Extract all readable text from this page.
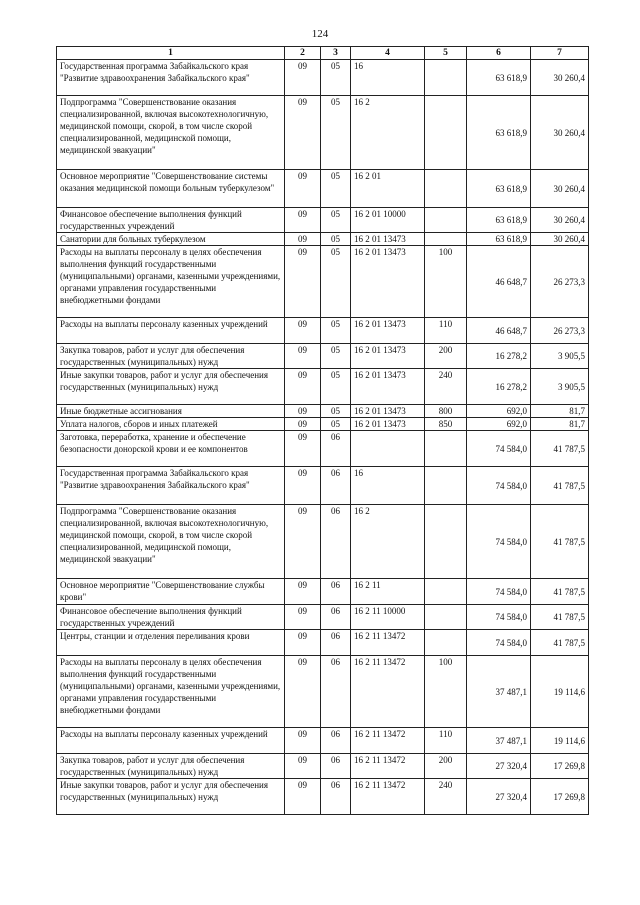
124
1	2	3	4	5	6	7
Государственная программа Забайкальского края "Развитие здравоохранения Забайкальского края"	09	05	16		63 618,9	30 260,4
Подпрограмма "Совершенствование оказания специализированной, включая высокотехнологичную, медицинской помощи, скорой, в том числе скорой специализированной, медицинской помощи, медицинской эвакуации"	09	05	16 2		63 618,9	30 260,4
Основное мероприятие "Совершенствование системы оказания медицинской помощи больным туберкулезом"	09	05	16 2 01		63 618,9	30 260,4
Финансовое обеспечение выполнения функций государственных учреждений	09	05	16 2 01 10000		63 618,9	30 260,4
Санатории для больных туберкулезом	09	05	16 2 01 13473		63 618,9	30 260,4
Расходы на выплаты персоналу в целях обеспечения выполнения функций государственными (муниципальными) органами, казенными учреждениями, органами управления государственными внебюджетными фондами	09	05	16 2 01 13473	100	46 648,7	26 273,3
Расходы на выплаты персоналу казенных учреждений	09	05	16 2 01 13473	110	46 648,7	26 273,3
Закупка товаров, работ и услуг для обеспечения государственных (муниципальных) нужд	09	05	16 2 01 13473	200	16 278,2	3 905,5
Иные закупки товаров, работ и услуг для обеспечения государственных (муниципальных) нужд	09	05	16 2 01 13473	240	16 278,2	3 905,5
Иные бюджетные ассигнования	09	05	16 2 01 13473	800	692,0	81,7
Уплата налогов, сборов и иных платежей	09	05	16 2 01 13473	850	692,0	81,7
Заготовка, переработка, хранение и обеспечение безопасности донорской крови и ее компонентов	09	06			74 584,0	41 787,5
Государственная программа Забайкальского края "Развитие здравоохранения Забайкальского края"	09	06	16		74 584,0	41 787,5
Подпрограмма "Совершенствование оказания специализированной, включая высокотехнологичную, медицинской помощи, скорой, в том числе скорой специализированной, медицинской помощи, медицинской эвакуации"	09	06	16 2		74 584,0	41 787,5
Основное мероприятие "Совершенствование службы крови"	09	06	16 2 11		74 584,0	41 787,5
Финансовое обеспечение выполнения функций государственных учреждений	09	06	16 2 11 10000		74 584,0	41 787,5
Центры, станции и отделения переливания крови	09	06	16 2 11 13472		74 584,0	41 787,5
Расходы на выплаты персоналу в целях обеспечения выполнения функций государственными (муниципальными) органами, казенными учреждениями, органами управления государственными внебюджетными фондами	09	06	16 2 11 13472	100	37 487,1	19 114,6
Расходы на выплаты персоналу казенных учреждений	09	06	16 2 11 13472	110	37 487,1	19 114,6
Закупка товаров, работ и услуг для обеспечения государственных (муниципальных) нужд	09	06	16 2 11 13472	200	27 320,4	17 269,8
Иные закупки товаров, работ и услуг для обеспечения государственных (муниципальных) нужд	09	06	16 2 11 13472	240	27 320,4	17 269,8
